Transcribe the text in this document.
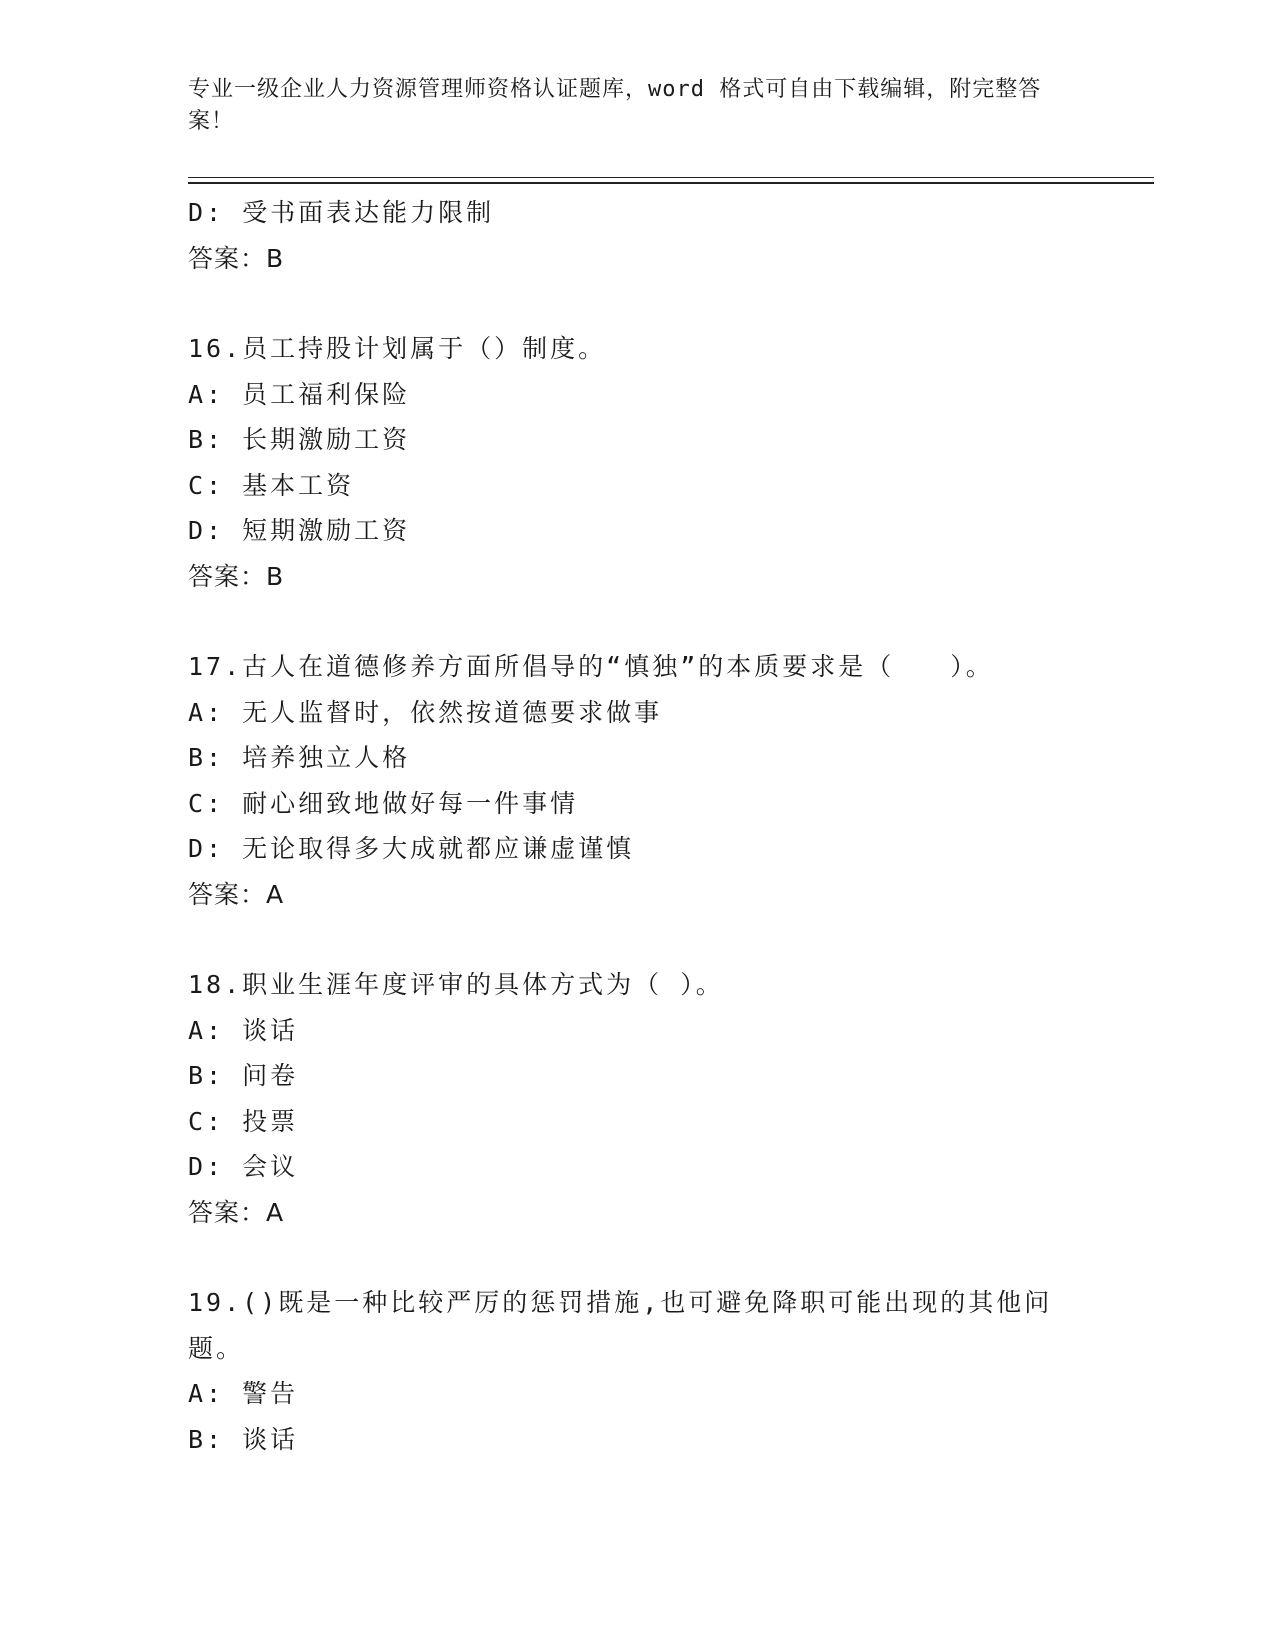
专业一级企业人力资源管理师资格认证题库，word 格式可自由下载编辑，附完整答案！
D: 受书面表达能力限制
答案：B
16.员工持股计划属于（）制度。
A: 员工福利保险
B: 长期激励工资
C: 基本工资
D: 短期激励工资
答案：B
17.古人在道德修养方面所倡导的“慎独”的本质要求是（　　）。
A: 无人监督时，依然按道德要求做事
B: 培养独立人格
C: 耐心细致地做好每一件事情
D: 无论取得多大成就都应谦虚谨慎
答案：A
18.职业生涯年度评审的具体方式为（ ）。
A: 谈话
B: 问卷
C: 投票
D: 会议
答案：A
19.()既是一种比较严厉的惩罚措施,也可避免降职可能出现的其他问题。
A: 警告
B: 谈话
